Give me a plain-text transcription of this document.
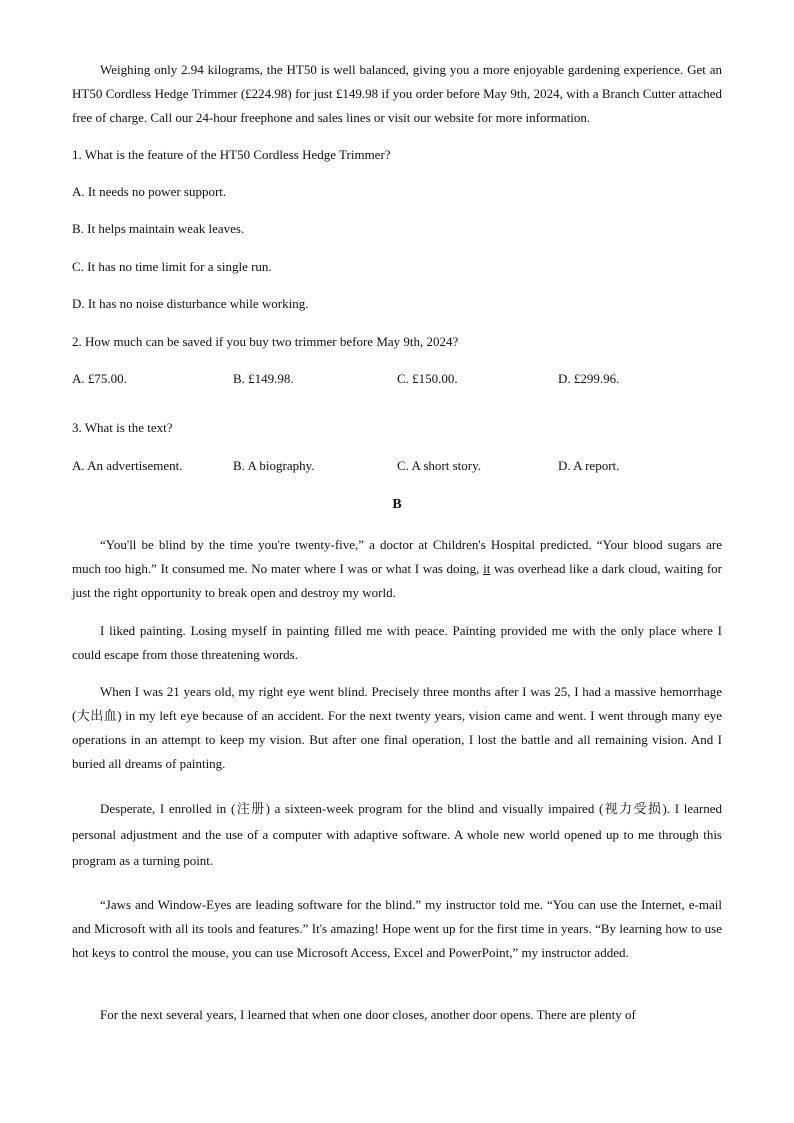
Weighing only 2.94 kilograms, the HT50 is well balanced, giving you a more enjoyable gardening experience. Get an HT50 Cordless Hedge Trimmer (£224.98) for just £149.98 if you order before May 9th, 2024, with a Branch Cutter attached free of charge. Call our 24-hour freephone and sales lines or visit our website for more information.

1. What is the feature of the HT50 Cordless Hedge Trimmer?

A. It needs no power support.

B. It helps maintain weak leaves.

C. It has no time limit for a single run.

D. It has no noise disturbance while working.

2. How much can be saved if you buy two trimmer before May 9th, 2024?

A. £75.00.	B. £149.98.	C. £150.00.	D. £299.96.

3. What is the text?

A. An advertisement.	B. A biography.	C. A short story.	D. A report.
B

“You'll be blind by the time you're twenty-five,” a doctor at Children's Hospital predicted. “Your blood sugars are much too high.” It consumed me. No mater where I was or what I was doing, it was overhead like a dark cloud, waiting for just the right opportunity to break open and destroy my world.

I liked painting. Losing myself in painting filled me with peace. Painting provided me with the only place where I could escape from those threatening words.

When I was 21 years old, my right eye went blind. Precisely three months after I was 25, I had a massive hemorrhage (大出血) in my left eye because of an accident. For the next twenty years, vision came and went. I went through many eye operations in an attempt to keep my vision. But after one final operation, I lost the battle and all remaining vision. And I buried all dreams of painting.

Desperate, I enrolled in (注册) a sixteen-week program for the blind and visually impaired (视力受损). I learned personal adjustment and the use of a computer with adaptive software. A whole new world opened up to me through this program as a turning point.

“Jaws and Window-Eyes are leading software for the blind.” my instructor told me. “You can use the Internet, e-mail and Microsoft with all its tools and features.” It's amazing! Hope went up for the first time in years. “By learning how to use hot keys to control the mouse, you can use Microsoft Access, Excel and PowerPoint,” my instructor added.

For the next several years, I learned that when one door closes, another door opens. There are plenty of
